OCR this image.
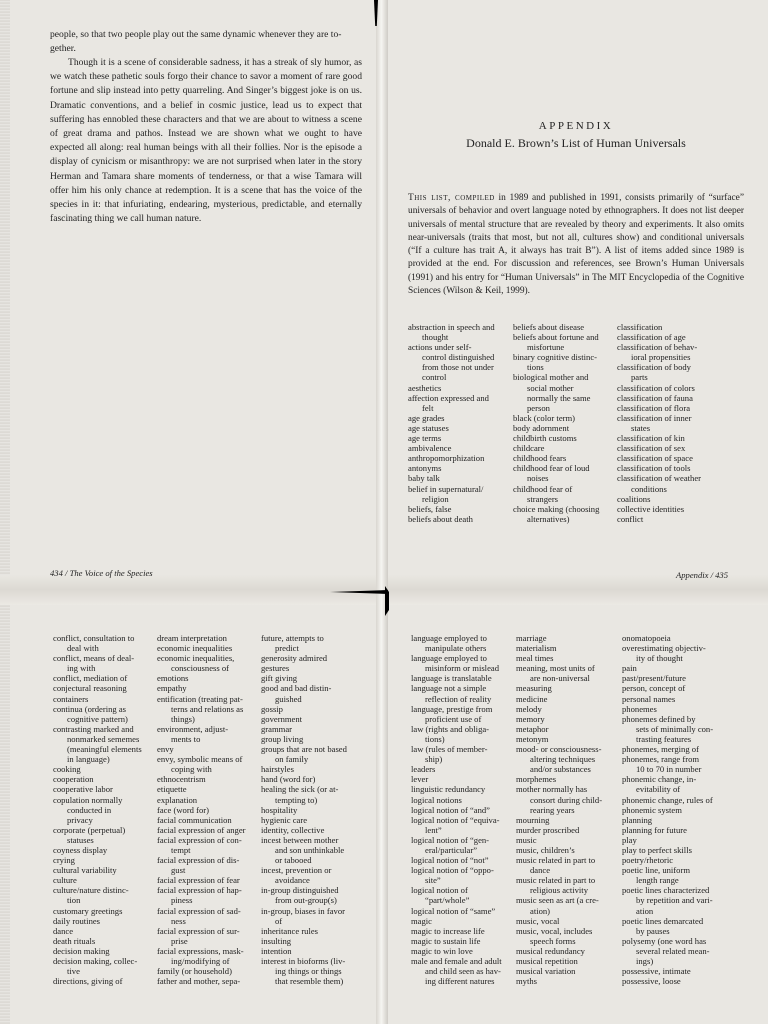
people, so that two people play out the same dynamic whenever they are to-
gether.

Though it is a scene of considerable sadness, it has a streak of sly humor, as we watch these pathetic souls forgo their chance to savor a moment of rare good fortune and slip instead into petty quarreling. And Singer’s biggest joke is on us. Dramatic conventions, and a belief in cosmic justice, lead us to expect that suffering has ennobled these characters and that we are about to witness a scene of great drama and pathos. Instead we are shown what we ought to have expected all along: real human beings with all their follies. Nor is the episode a display of cynicism or misanthropy: we are not surprised when later in the story Herman and Tamara share moments of tenderness, or that a wise Tamara will offer him his only chance at redemption. It is a scene that has the voice of the species in it: that infuriating, endearing, mysterious, predictable, and eternally fascinating thing we call human nature.

434 / The Voice of the Species
APPENDIX
Donald E. Brown’s List of Human Universals

This list, compiled in 1989 and published in 1991, consists primarily of “surface” universals of behavior and overt language noted by ethnographers. It does not list deeper universals of mental structure that are revealed by theory and experiments. It also omits near-universals (traits that most, but not all, cultures show) and conditional universals (“If a culture has trait A, it always has trait B”). A list of items added since 1989 is provided at the end. For discussion and references, see Brown’s Human Universals (1991) and his entry for “Human Universals” in The MIT Encyclopedia of the Cognitive Sciences (Wilson & Keil, 1999).

abstraction in speech and
thought
actions under self-
control distinguished
from those not under
control
aesthetics
affection expressed and
felt
age grades
age statuses
age terms
ambivalence
anthropomorphization
antonyms
baby talk
belief in supernatural/
religion
beliefs, false
beliefs about death
beliefs about disease
beliefs about fortune and
misfortune
binary cognitive distinc-
tions
biological mother and
social mother
normally the same
person
black (color term)
body adornment
childbirth customs
childcare
childhood fears
childhood fear of loud
noises
childhood fear of
strangers
choice making (choosing
alternatives)
classification
classification of age
classification of behav-
ioral propensities
classification of body
parts
classification of colors
classification of fauna
classification of flora
classification of inner
states
classification of kin
classification of sex
classification of space
classification of tools
classification of weather
conditions
coalitions
collective identities
conflict
Appendix / 435
conflict, consultation to
deal with
conflict, means of deal-
ing with
conflict, mediation of
conjectural reasoning
containers
continua (ordering as
cognitive pattern)
contrasting marked and
nonmarked sememes
(meaningful elements
in language)
cooking
cooperation
cooperative labor
copulation normally
conducted in
privacy
corporate (perpetual)
statuses
coyness display
crying
cultural variability
culture
culture/nature distinc-
tion
customary greetings
daily routines
dance
death rituals
decision making
decision making, collec-
tive
directions, giving of
dream interpretation
economic inequalities
economic inequalities,
consciousness of
emotions
empathy
entification (treating pat-
terns and relations as
things)
environment, adjust-
ments to
envy
envy, symbolic means of
coping with
ethnocentrism
etiquette
explanation
face (word for)
facial communication
facial expression of anger
facial expression of con-
tempt
facial expression of dis-
gust
facial expression of fear
facial expression of hap-
piness
facial expression of sad-
ness
facial expression of sur-
prise
facial expressions, mask-
ing/modifying of
family (or household)
father and mother, sepa-
future, attempts to
predict
generosity admired
gestures
gift giving
good and bad distin-
guished
gossip
government
grammar
group living
groups that are not based
on family
hairstyles
hand (word for)
healing the sick (or at-
tempting to)
hospitality
hygienic care
identity, collective
incest between mother
and son unthinkable
or tabooed
incest, prevention or
avoidance
in-group distinguished
from out-group(s)
in-group, biases in favor
of
inheritance rules
insulting
intention
interest in bioforms (liv-
ing things or things
that resemble them)
language employed to
manipulate others
language employed to
misinform or mislead
language is translatable
language not a simple
reflection of reality
language, prestige from
proficient use of
law (rights and obliga-
tions)
law (rules of member-
ship)
leaders
lever
linguistic redundancy
logical notions
logical notion of “and”
logical notion of “equiva-
lent”
logical notion of “gen-
eral/particular”
logical notion of “not”
logical notion of “oppo-
site”
logical notion of
“part/whole”
logical notion of “same”
magic
magic to increase life
magic to sustain life
magic to win love
male and female and adult
and child seen as hav-
ing different natures
marriage
materialism
meal times
meaning, most units of
are non-universal
measuring
medicine
melody
memory
metaphor
metonym
mood- or consciousness-
altering techniques
and/or substances
morphemes
mother normally has
consort during child-
rearing years
mourning
murder proscribed
music
music, children’s
music related in part to
dance
music related in part to
religious activity
music seen as art (a cre-
ation)
music, vocal
music, vocal, includes
speech forms
musical redundancy
musical repetition
musical variation
myths
onomatopoeia
overestimating objectiv-
ity of thought
pain
past/present/future
person, concept of
personal names
phonemes
phonemes defined by
sets of minimally con-
trasting features
phonemes, merging of
phonemes, range from
10 to 70 in number
phonemic change, in-
evitability of
phonemic change, rules of
phonemic system
planning
planning for future
play
play to perfect skills
poetry/rhetoric
poetic line, uniform
length range
poetic lines characterized
by repetition and vari-
ation
poetic lines demarcated
by pauses
polysemy (one word has
several related mean-
ings)
possessive, intimate
possessive, loose
